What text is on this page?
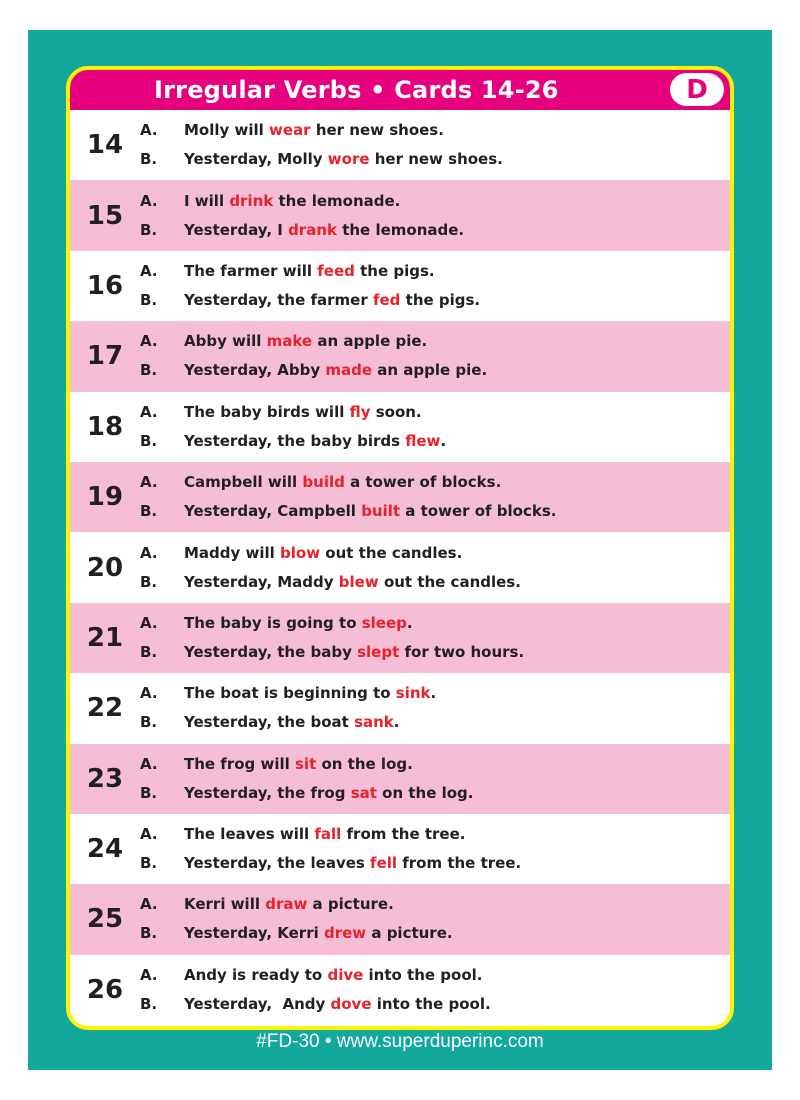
Irregular Verbs • Cards 14-26	D
14	A.	Molly will wear her new shoes.
B.	Yesterday, Molly wore her new shoes.
15	A.	I will drink the lemonade.
B.	Yesterday, I drank the lemonade.
16	A.	The farmer will feed the pigs.
B.	Yesterday, the farmer fed the pigs.
17	A.	Abby will make an apple pie.
B.	Yesterday, Abby made an apple pie.
18	A.	The baby birds will fly soon.
B.	Yesterday, the baby birds flew .
19	A.	Campbell will build a tower of blocks.
B.	Yesterday, Campbell built a tower of blocks.
20	A.	Maddy will blow out the candles.
B.	Yesterday, Maddy blew out the candles.
21	A.	The baby is going to sleep .
B.	Yesterday, the baby slept for two hours.
22	A.	The boat is beginning to sink .
B.	Yesterday, the boat sank .
23	A.	The frog will sit on the log.
B.	Yesterday, the frog sat on the log.
24	A.	The leaves will fall from the tree.
B.	Yesterday, the leaves fell from the tree.
25	A.	Kerri will draw a picture.
B.	Yesterday, Kerri drew a picture.
26	A.	Andy is ready to dive into the pool.
B.	Yesterday,  Andy dove into the pool.
#FD-30 • www.superduperinc.com
